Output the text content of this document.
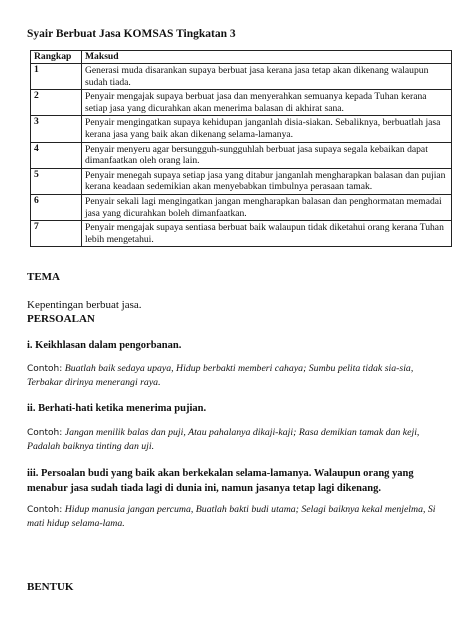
Syair Berbuat Jasa KOMSAS Tingkatan 3
Rangkap	Maksud
1	Generasi muda disarankan supaya berbuat jasa kerana jasa tetap akan dikenang walaupun sudah tiada.
2	Penyair mengajak supaya berbuat jasa dan menyerahkan semuanya kepada Tuhan kerana setiap jasa yang dicurahkan akan menerima balasan di akhirat sana.
3	Penyair mengingatkan supaya kehidupan janganlah disia-siakan. Sebaliknya, berbuatlah jasa kerana jasa yang baik akan dikenang selama-lamanya.
4	Penyair menyeru agar bersungguh-sungguhlah berbuat jasa supaya segala kebaikan dapat dimanfaatkan oleh orang lain.
5	Penyair menegah supaya setiap jasa yang ditabur janganlah mengharapkan balasan dan pujian kerana keadaan sedemikian akan menyebabkan timbulnya perasaan tamak.
6	Penyair sekali lagi mengingatkan jangan mengharapkan balasan dan penghormatan memadai jasa yang dicurahkan boleh dimanfaatkan.
7	Penyair mengajak supaya sentiasa berbuat baik walaupun tidak diketahui orang kerana Tuhan lebih mengetahui.
TEMA
Kepentingan berbuat jasa.
PERSOALAN
i. Keikhlasan dalam pengorbanan.
Contoh: Buatlah baik sedaya upaya, Hidup berbakti memberi cahaya; Sumbu pelita tidak sia-sia, Terbakar dirinya menerangi raya.
ii. Berhati-hati ketika menerima pujian.
Contoh: Jangan menilik balas dan puji, Atau pahalanya dikaji-kaji; Rasa demikian tamak dan keji, Padalah baiknya tinting dan uji.
iii. Persoalan budi yang baik akan berkekalan selama-lamanya. Walaupun orang yang menabur jasa sudah tiada lagi di dunia ini, namun jasanya tetap lagi dikenang.
Contoh: Hidup manusia jangan percuma, Buatlah bakti budi utama; Selagi baiknya kekal menjelma, Si mati hidup selama-lama.
BENTUK
